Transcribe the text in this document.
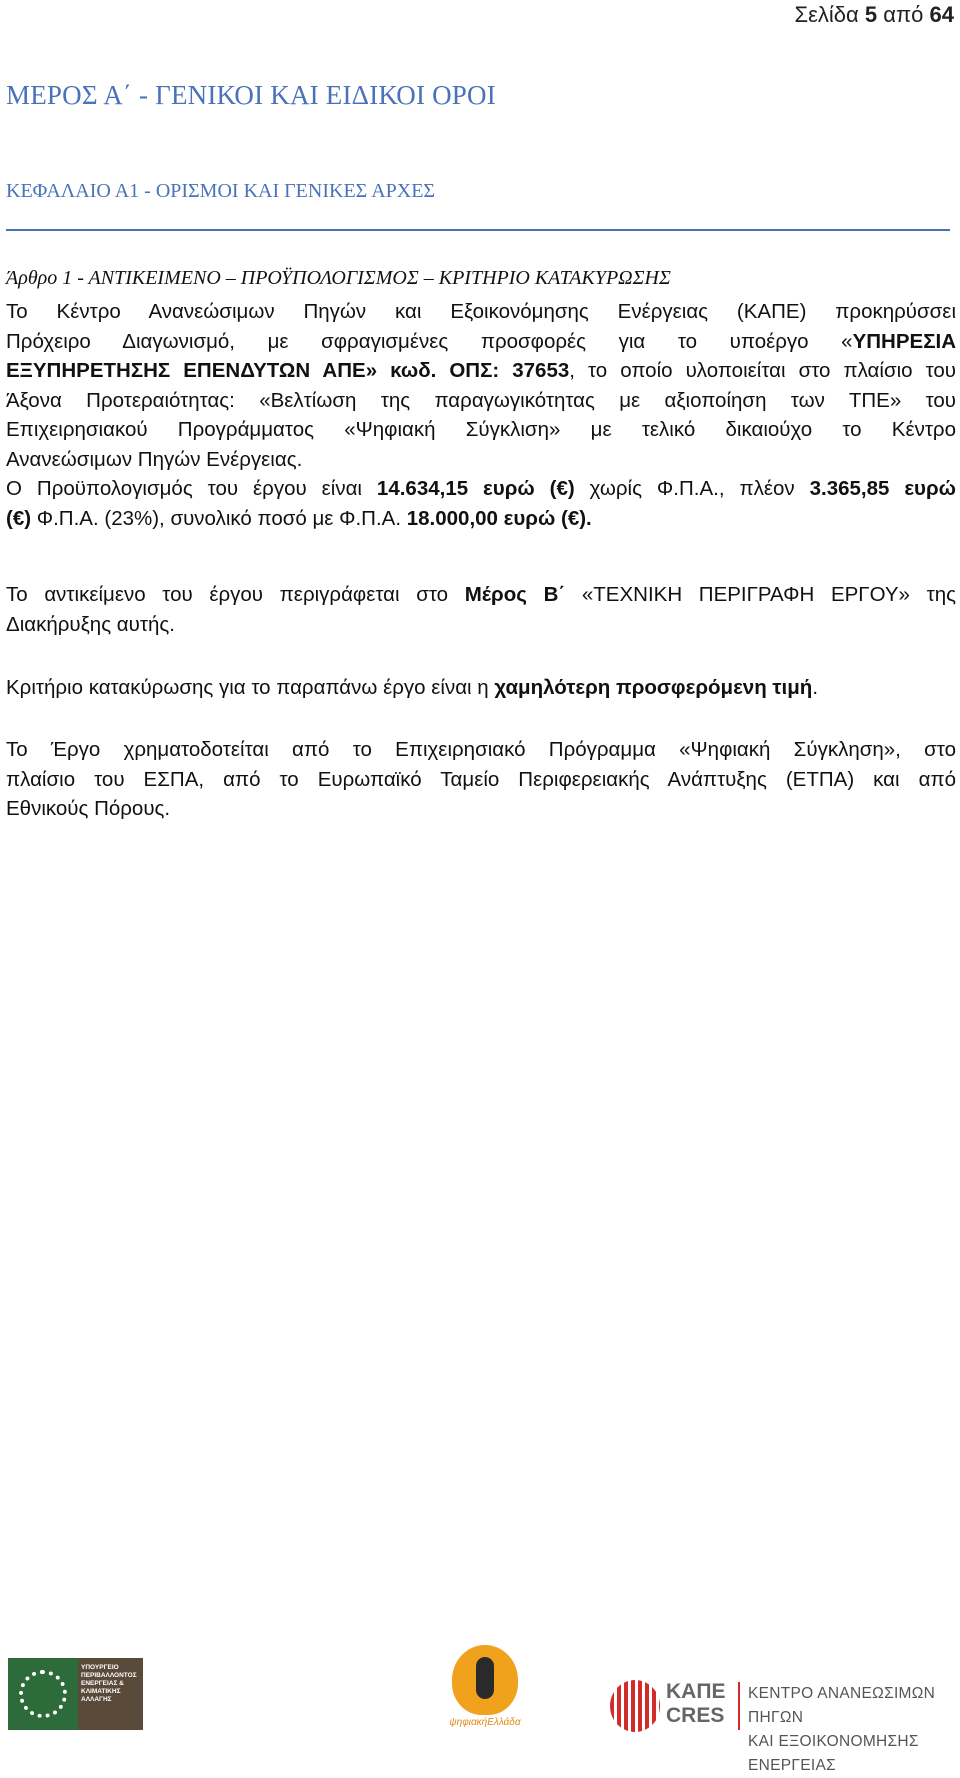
Σελίδα 5 από 64
ΜΕΡΟΣ Α΄ - ΓΕΝΙΚΟΙ ΚΑΙ ΕΙΔΙΚΟΙ ΟΡΟΙ
ΚΕΦΑΛΑΙΟ Α1 - ΟΡΙΣΜΟΙ ΚΑΙ ΓΕΝΙΚΕΣ ΑΡΧΕΣ
Άρθρο 1 - ΑΝΤΙΚΕΙΜΕΝΟ – ΠΡΟΫΠΟΛΟΓΙΣΜΟΣ – ΚΡΙΤΗΡΙΟ ΚΑΤΑΚΥΡΩΣΗΣ
Το Κέντρο Ανανεώσιμων Πηγών και Εξοικονόμησης Ενέργειας (ΚΑΠΕ) προκηρύσσει
Πρόχειρο Διαγωνισμό, με σφραγισμένες προσφορές για το υποέργο «ΥΠΗΡΕΣΙΑ
ΕΞΥΠΗΡΕΤΗΣΗΣ ΕΠΕΝΔΥΤΩΝ ΑΠΕ» κωδ. ΟΠΣ: 37653, το οποίο υλοποιείται στο πλαίσιο του
Άξονα Προτεραιότητας: «Βελτίωση της παραγωγικότητας με αξιοποίηση των ΤΠΕ» του
Επιχειρησιακού Προγράμματος «Ψηφιακή Σύγκλιση» με τελικό δικαιούχο το Κέντρο
Ανανεώσιμων Πηγών Ενέργειας.
Ο Προϋπολογισμός του έργου είναι 14.634,15 ευρώ (€) χωρίς Φ.Π.Α., πλέον 3.365,85 ευρώ
(€) Φ.Π.Α. (23%), συνολικό ποσό με Φ.Π.Α. 18.000,00 ευρώ (€).
Το αντικείμενο του έργου περιγράφεται στο Μέρος Β΄ «ΤΕΧΝΙΚΗ ΠΕΡΙΓΡΑΦΗ ΕΡΓΟΥ» της
Διακήρυξης αυτής.
Κριτήριο κατακύρωσης για το παραπάνω έργο είναι η χαμηλότερη προσφερόμενη τιμή.
Το Έργο χρηματοδοτείται από το Επιχειρησιακό Πρόγραμμα «Ψηφιακή Σύγκληση», στο
πλαίσιο του ΕΣΠΑ, από το Ευρωπαϊκό Ταμείο Περιφερειακής Ανάπτυξης (ΕΤΠΑ) και από
Εθνικούς Πόρους.
ΥΠΟΥΡΓΕΙΟ ΠΕΡΙΒΑΛΛΟΝΤΟΣ ΕΝΕΡΓΕΙΑΣ & ΚΛΙΜΑΤΙΚΗΣ ΑΛΛΑΓΗΣ
ψηφιακήΕλλάδα
ΚΑΠΕ
CRES
ΚΕΝΤΡΟ ΑΝΑΝΕΩΣΙΜΩΝ ΠΗΓΩΝ
ΚΑΙ ΕΞΟΙΚΟΝΟΜΗΣΗΣ ΕΝΕΡΓΕΙΑΣ
